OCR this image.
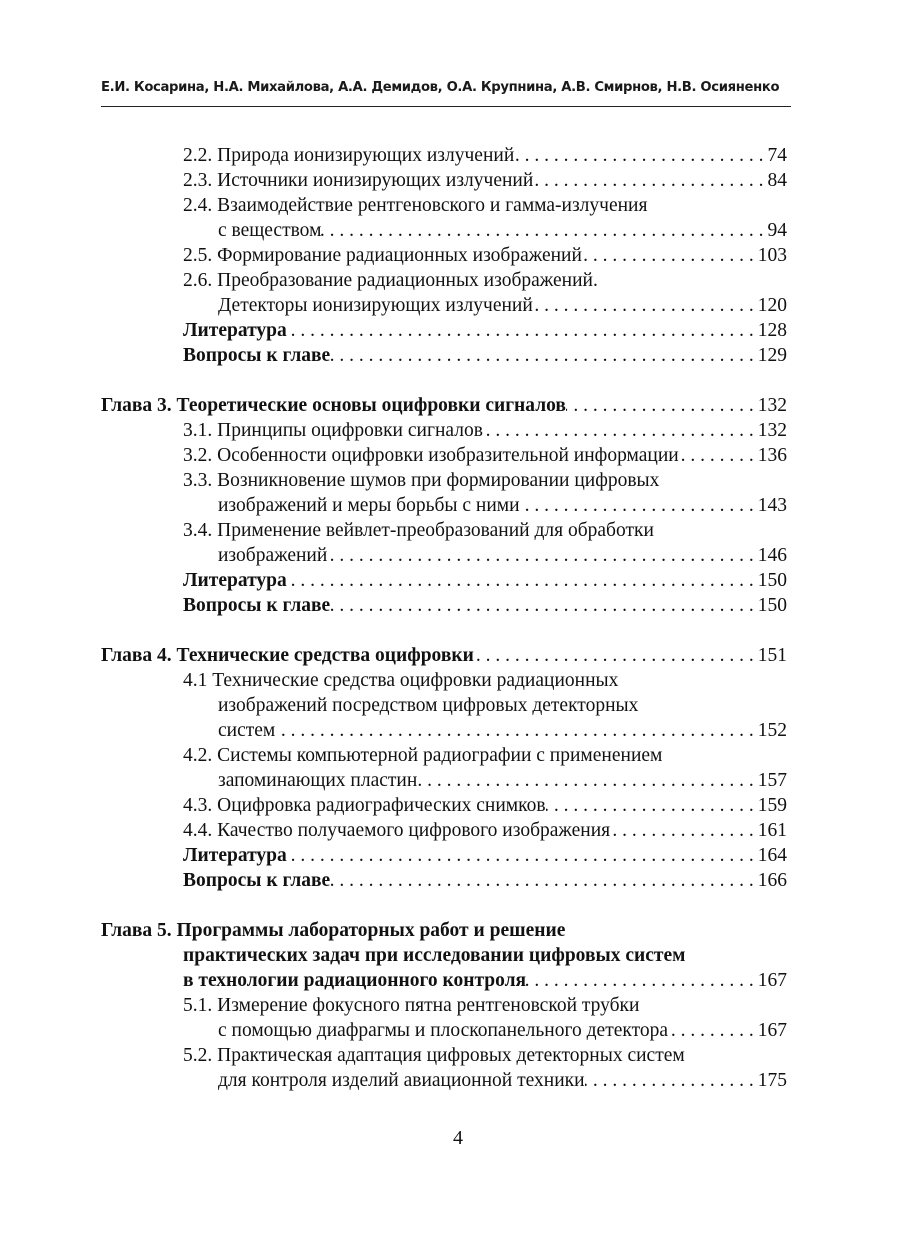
Е.И. Косарина, Н.А. Михайлова, А.А. Демидов, О.А. Крупнина, А.В. Смирнов, Н.В. Осияненко
2.2. Природа ионизирующих излучений . . .	74
2.3. Источники ионизирующих излучений . . .	84
2.4. Взаимодействие рентгеновского и гамма-излучения
с веществом . . .	94
2.5. Формирование радиационных изображений . . .	103
2.6. Преобразование радиационных изображений.
Детекторы ионизирующих излучений . . .	120
Литература . . .	128
Вопросы к главе . . .	129
Глава 3. Теоретические основы оцифровки сигналов . . .	132
3.1. Принципы оцифровки сигналов . . .	132
3.2. Особенности оцифровки изобразительной информации . . .	136
3.3. Возникновение шумов при формировании цифровых
изображений и меры борьбы с ними . . .	143
3.4. Применение вейвлет-преобразований для обработки
изображений . . .	146
Литература . . .	150
Вопросы к главе . . .	150
Глава 4. Технические средства оцифровки . . .	151
4.1 Технические средства оцифровки радиационных
изображений посредством цифровых детекторных
систем . . .	152
4.2. Системы компьютерной радиографии с применением
запоминающих пластин . . .	157
4.3. Оцифровка радиографических снимков . . .	159
4.4. Качество получаемого цифрового изображения . . .	161
Литература . . .	164
Вопросы к главе . . .	166
Глава 5. Программы лабораторных работ и решение
практических задач при исследовании цифровых систем
в технологии радиационного контроля . . .	167
5.1. Измерение фокусного пятна рентгеновской трубки
с помощью диафрагмы и плоскопанельного детектора . . .	167
5.2. Практическая адаптация цифровых детекторных систем
для контроля изделий авиационной техники . . .	175
4
